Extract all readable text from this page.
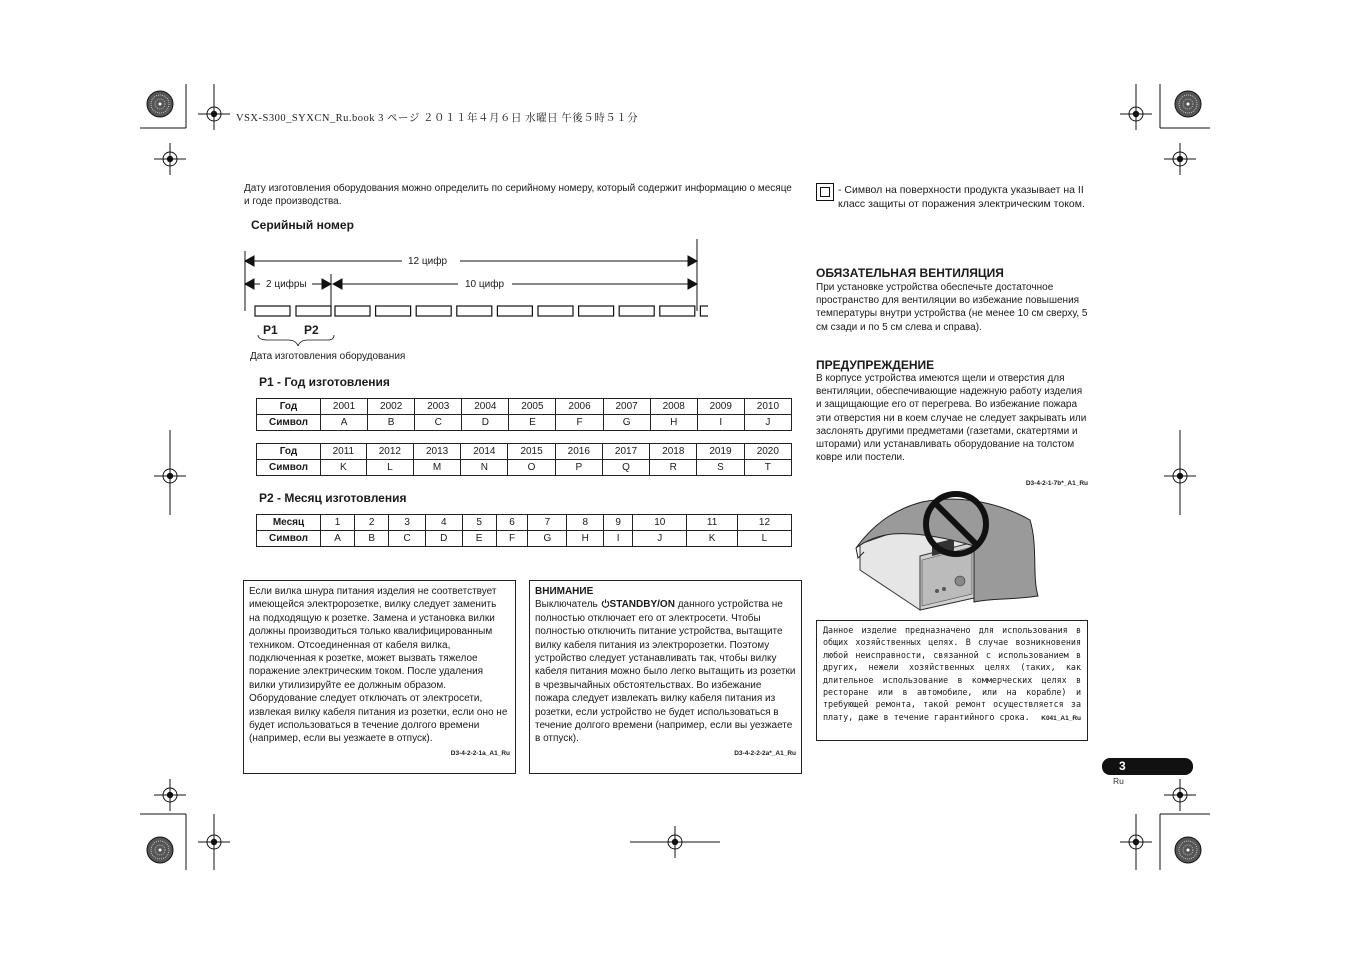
VSX-S300_SYXCN_Ru.book 3 ページ ２０１１年４月６日 水曜日 午後５時５１分
Дату изготовления оборудования можно определить по серийному номеру, который содержит информацию о месяце и годе производства.
Серийный номер
12 цифр
2 цифры	10 цифр
P1 P2
Дата изготовления оборудования
P1 - Год изготовления
Год	2001	2002	2003	2004	2005	2006	2007	2008	2009	2010
Символ	A	B	C	D	E	F	G	H	I	J
Год	2011	2012	2013	2014	2015	2016	2017	2018	2019	2020
Символ	K	L	M	N	O	P	Q	R	S	T
P2 - Месяц изготовления
Месяц	1	2	3	4	5	6	7	8	9	10	11	12
Символ	A	B	C	D	E	F	G	H	I	J	K	L
Если вилка шнура питания изделия не соответствует имеющейся электророзетке, вилку следует заменить на подходящую к розетке. Замена и установка вилки должны производиться только квалифицированным техником. Отсоединенная от кабеля вилка, подключенная к розетке, может вызвать тяжелое поражение электрическим током. После удаления вилки утилизируйте ее должным образом. Оборудование следует отключать от электросети, извлекая вилку кабеля питания из розетки, если оно не будет использоваться в течение долгого времени (например, если вы уезжаете в отпуск).
D3-4-2-2-1a_A1_Ru
ВНИМАНИЕ
Выключатель STANDBY/ON данного устройства не полностью отключает его от электросети. Чтобы полностью отключить питание устройства, вытащите вилку кабеля питания из электророзетки. Поэтому устройство следует устанавливать так, чтобы вилку кабеля питания можно было легко вытащить из розетки в чрезвычайных обстоятельствах. Во избежание пожара следует извлекать вилку кабеля питания из розетки, если устройство не будет использоваться в течение долгого времени (например, если вы уезжаете в отпуск).
D3-4-2-2-2a*_A1_Ru
- Символ на поверхности продукта указывает на II класс защиты от поражения электрическим током.
ОБЯЗАТЕЛЬНАЯ ВЕНТИЛЯЦИЯ
При установке устройства обеспечьте достаточное пространство для вентиляции во избежание повышения температуры внутри устройства (не менее 10 см сверху, 5 см сзади и по 5 см слева и справа).
ПРЕДУПРЕЖДЕНИЕ
В корпусе устройства имеются щели и отверстия для вентиляции, обеспечивающие надежную работу изделия и защищающие его от перегрева. Во избежание пожара эти отверстия ни в коем случае не следует закрывать или заслонять другими предметами (газетами, скатертями и шторами) или устанавливать оборудование на толстом ковре или постели.
D3-4-2-1-7b*_A1_Ru
Данное изделие предназначено для использования в общих хозяйственных целях. В случае возникновения любой неисправности, связанной с использованием в других, нежели хозяйственных целях (таких, как длительное использование в коммерческих целях в ресторане или в автомобиле, или на корабле) и требующей ремонта, такой ремонт осуществляется за плату, даже в течение гарантийного срока. K041_A1_Ru
3
Ru
